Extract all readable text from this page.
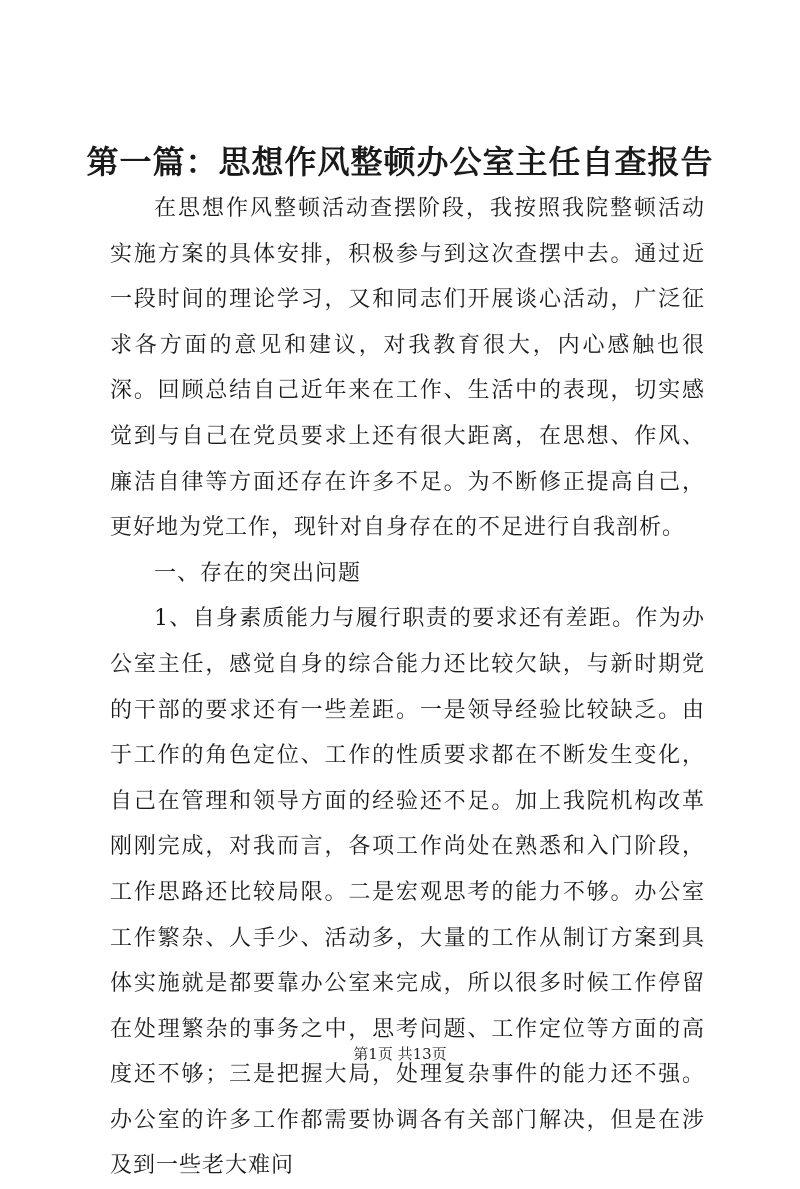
第一篇：思想作风整顿办公室主任自查报告

在思想作风整顿活动查摆阶段，我按照我院整顿活动实施方案的具体安排，积极参与到这次查摆中去。通过近一段时间的理论学习，又和同志们开展谈心活动，广泛征求各方面的意见和建议，对我教育很大，内心感触也很深。回顾总结自己近年来在工作、生活中的表现，切实感觉到与自己在党员要求上还有很大距离，在思想、作风、廉洁自律等方面还存在许多不足。为不断修正提高自己，更好地为党工作，现针对自身存在的不足进行自我剖析。

一、存在的突出问题

1、自身素质能力与履行职责的要求还有差距。作为办公室主任，感觉自身的综合能力还比较欠缺，与新时期党的干部的要求还有一些差距。一是领导经验比较缺乏。由于工作的角色定位、工作的性质要求都在不断发生变化，自己在管理和领导方面的经验还不足。加上我院机构改革刚刚完成，对我而言，各项工作尚处在熟悉和入门阶段，工作思路还比较局限。二是宏观思考的能力不够。办公室工作繁杂、人手少、活动多，大量的工作从制订方案到具体实施就是都要靠办公室来完成，所以很多时候工作停留在处理繁杂的事务之中，思考问题、工作定位等方面的高度还不够；三是把握大局，处理复杂事件的能力还不强。办公室的许多工作都需要协调各有关部门解决，但是在涉及到一些老大难问

第1页 共13页
